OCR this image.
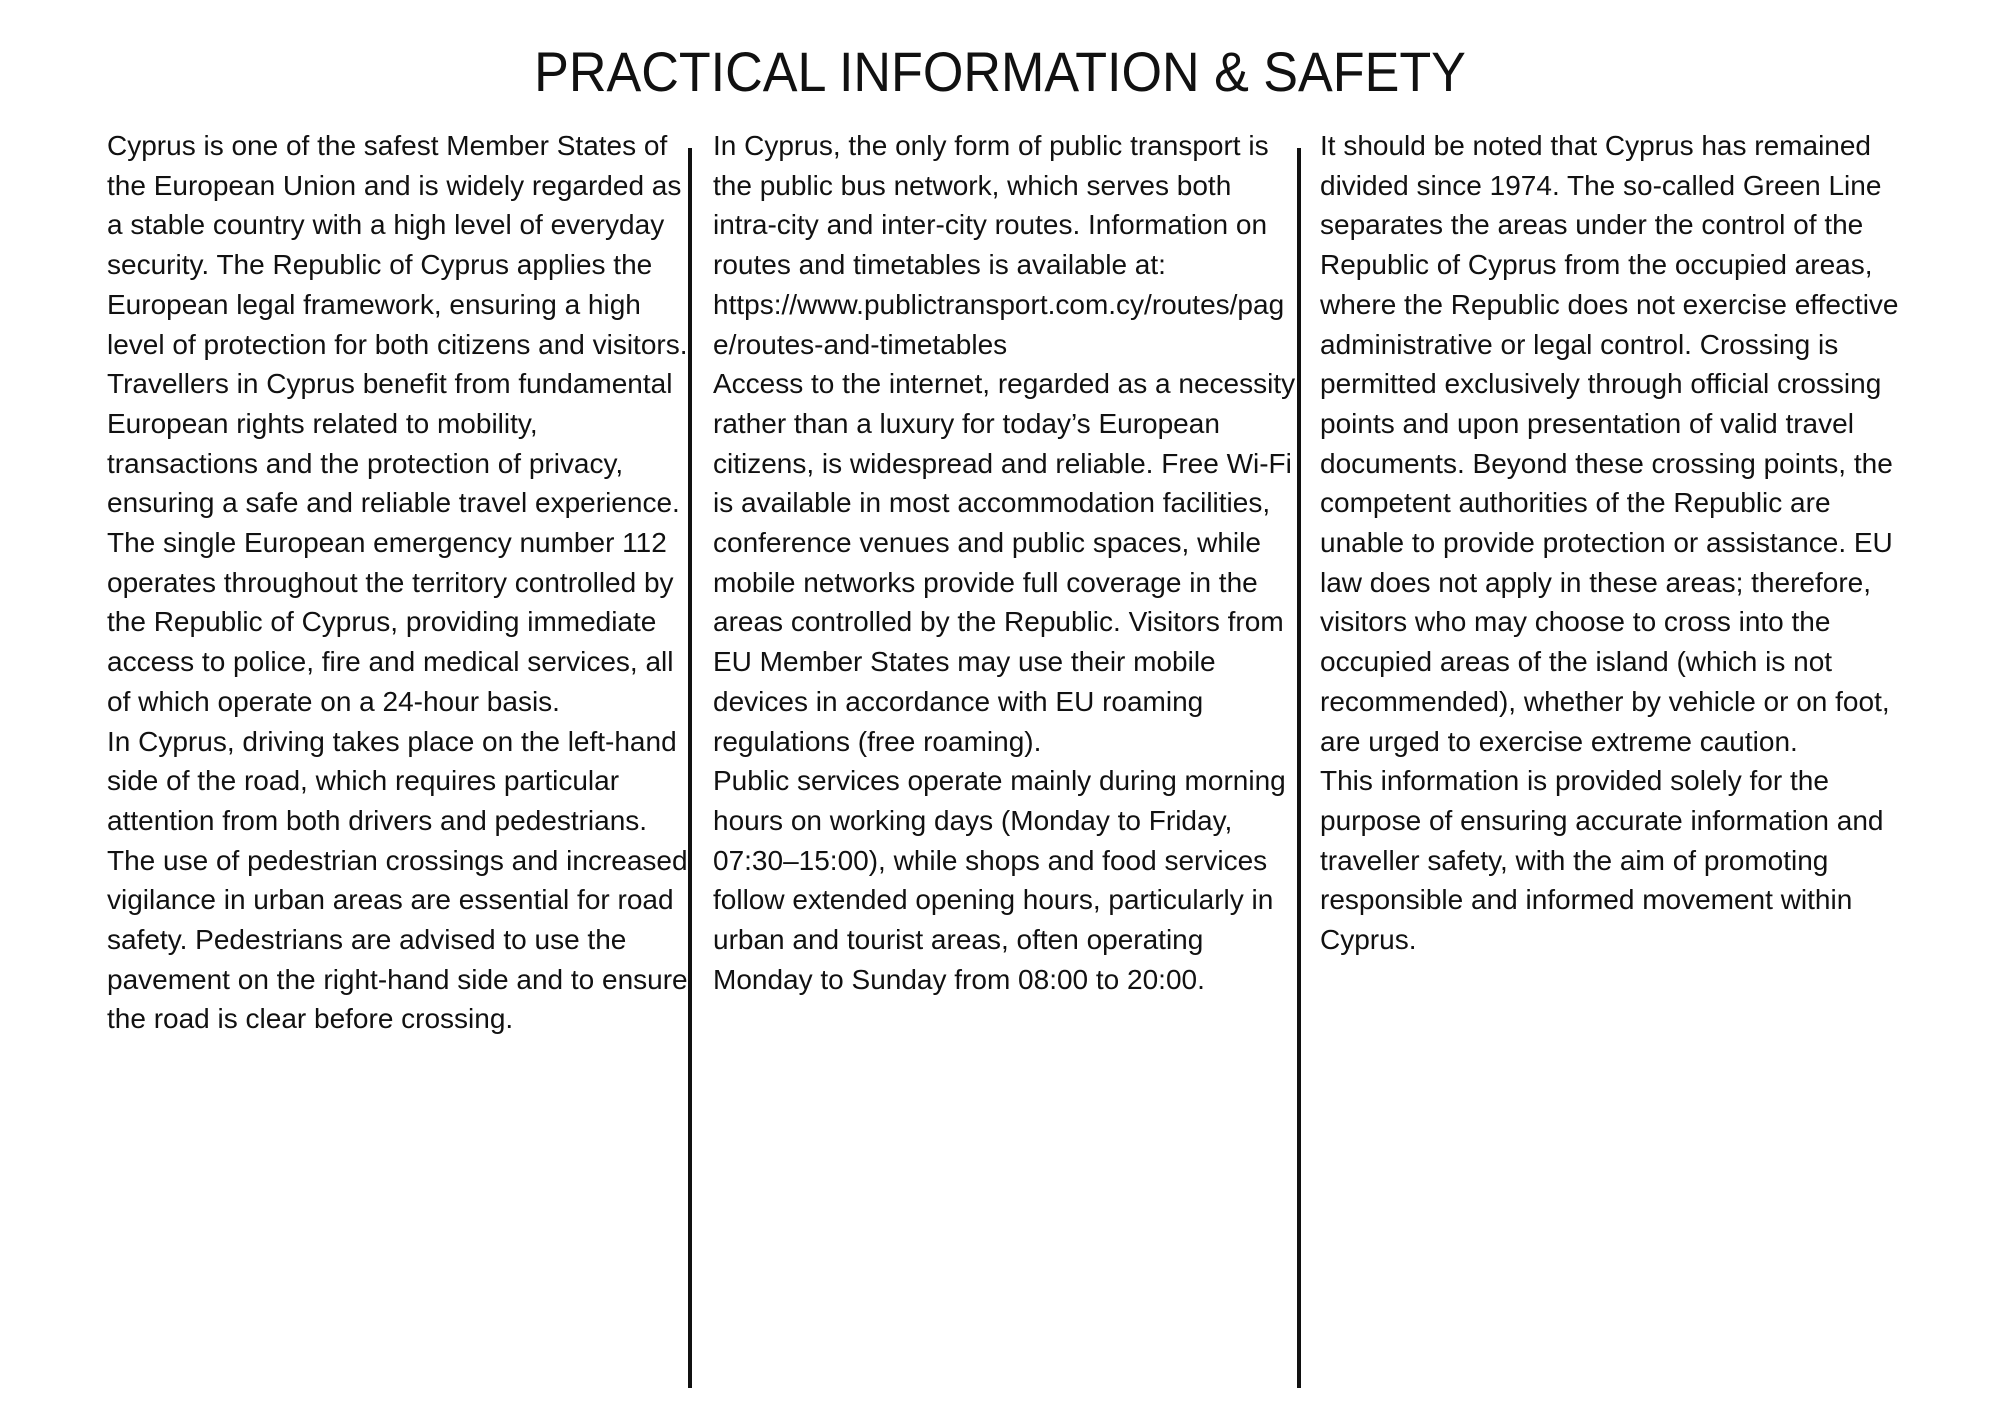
PRACTICAL INFORMATION & SAFETY

Cyprus is one of the safest Member States of the European Union and is widely regarded as a stable country with a high level of everyday security. The Republic of Cyprus applies the European legal framework, ensuring a high level of protection for both citizens and visitors. Travellers in Cyprus benefit from fundamental European rights related to mobility, transactions and the protection of privacy, ensuring a safe and reliable travel experience.

The single European emergency number 112 operates throughout the territory controlled by the Republic of Cyprus, providing immediate access to police, fire and medical services, all of which operate on a 24-hour basis.

In Cyprus, driving takes place on the left-hand side of the road, which requires particular attention from both drivers and pedestrians. The use of pedestrian crossings and increased vigilance in urban areas are essential for road safety. Pedestrians are advised to use the pavement on the right-hand side and to ensure the road is clear before crossing.

In Cyprus, the only form of public transport is the public bus network, which serves both intra-city and inter-city routes. Information on routes and timetables is available at:

https://www.publictransport.com.cy/routes/page/routes-and-timetables

Access to the internet, regarded as a necessity rather than a luxury for today’s European citizens, is widespread and reliable. Free Wi-Fi is available in most accommodation facilities, conference venues and public spaces, while mobile networks provide full coverage in the areas controlled by the Republic. Visitors from EU Member States may use their mobile devices in accordance with EU roaming regulations (free roaming).

Public services operate mainly during morning hours on working days (Monday to Friday, 07:30–15:00), while shops and food services follow extended opening hours, particularly in urban and tourist areas, often operating Monday to Sunday from 08:00 to 20:00.

It should be noted that Cyprus has remained divided since 1974. The so-called Green Line separates the areas under the control of the Republic of Cyprus from the occupied areas, where the Republic does not exercise effective administrative or legal control. Crossing is permitted exclusively through official crossing points and upon presentation of valid travel documents. Beyond these crossing points, the competent authorities of the Republic are unable to provide protection or assistance. EU law does not apply in these areas; therefore, visitors who may choose to cross into the occupied areas of the island (which is not recommended), whether by vehicle or on foot, are urged to exercise extreme caution.

This information is provided solely for the purpose of ensuring accurate information and traveller safety, with the aim of promoting responsible and informed movement within Cyprus.
